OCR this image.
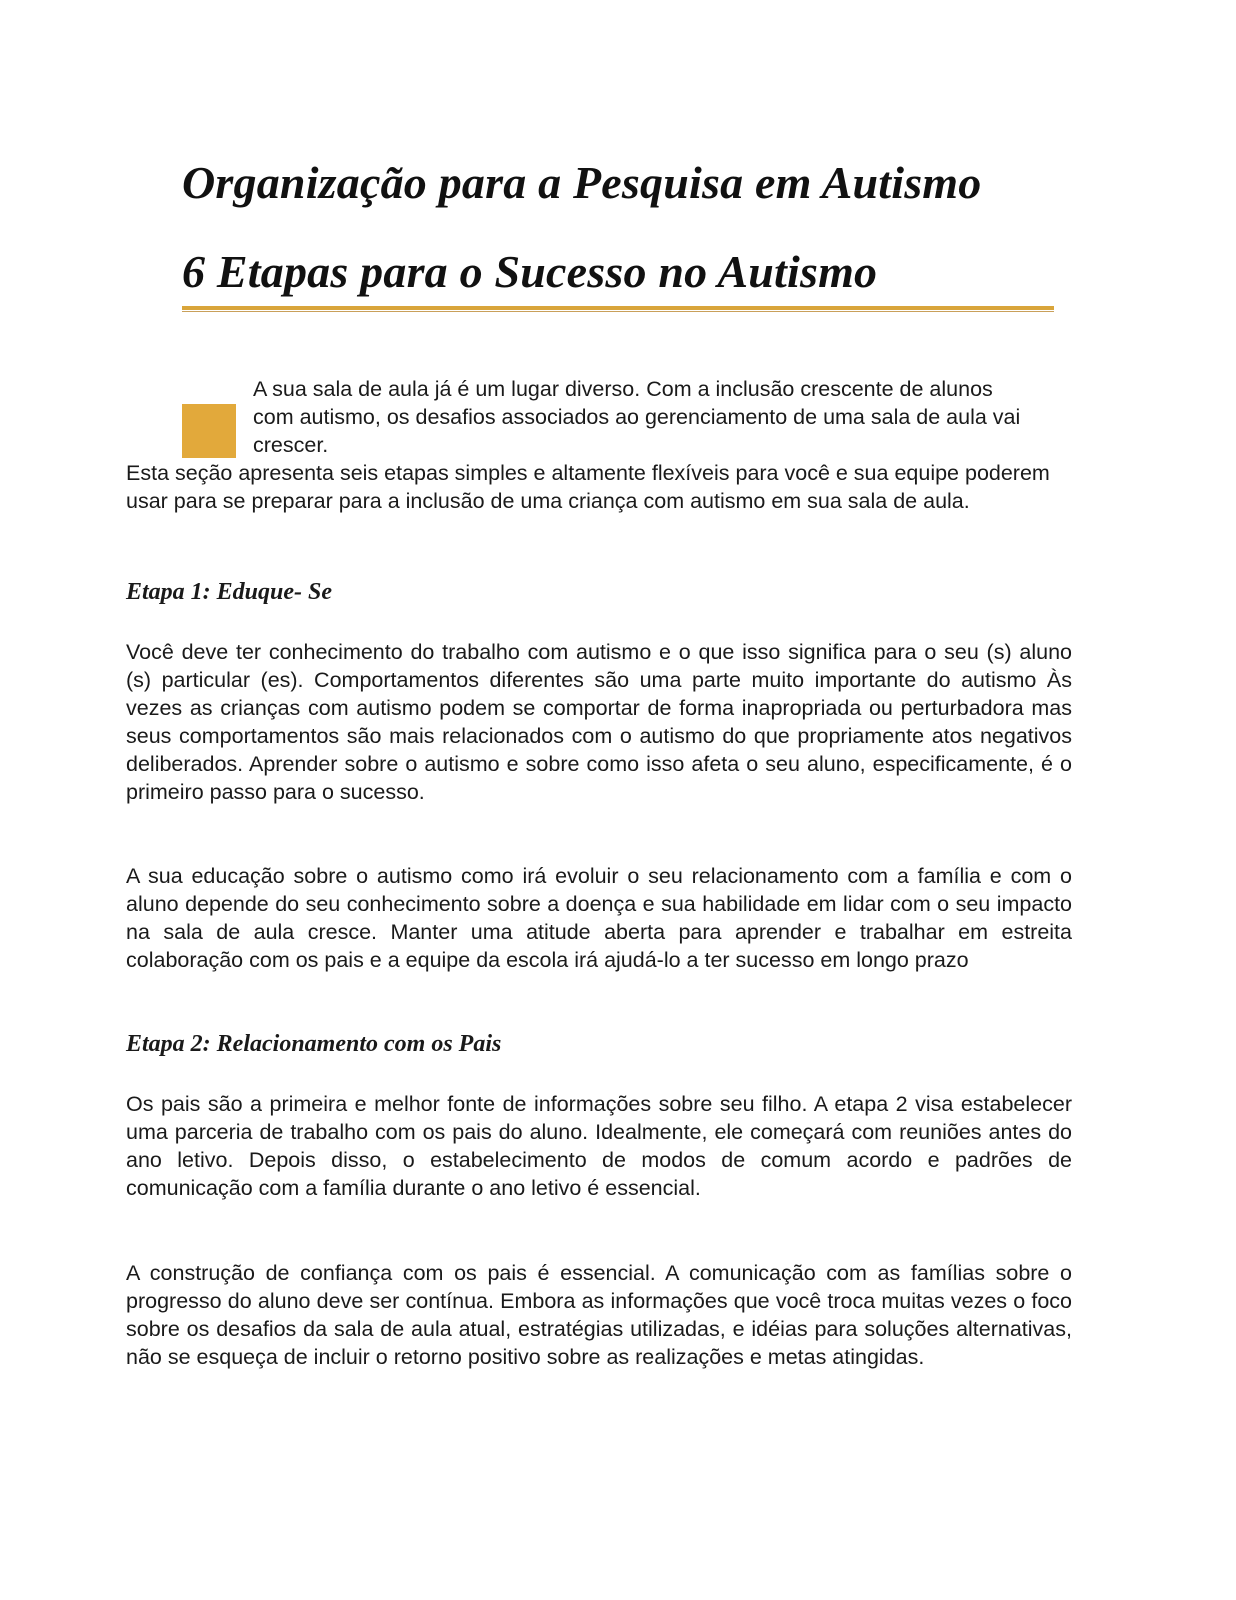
Organização para a Pesquisa em Autismo
6 Etapas para o Sucesso no Autismo

A sua sala de aula já é um lugar diverso. Com a inclusão crescente de alunos com autismo, os desafios associados ao gerenciamento de uma sala de aula vai crescer.

Esta seção apresenta seis etapas simples e altamente flexíveis para você e sua equipe poderem usar para se preparar para a inclusão de uma criança com autismo em sua sala de aula.

Etapa 1: Eduque- Se

Você deve ter conhecimento do trabalho com autismo e o que isso significa para o seu (s) aluno (s) particular (es). Comportamentos diferentes são uma parte muito importante do autismo Às vezes as crianças com autismo podem se comportar de forma inapropriada ou perturbadora mas seus comportamentos são mais relacionados com o autismo do que propriamente atos negativos deliberados. Aprender sobre o autismo e sobre como isso afeta o seu aluno, especificamente, é o primeiro passo para o sucesso.

A sua educação sobre o autismo como irá evoluir o seu relacionamento com a família e com o aluno depende do seu conhecimento sobre a doença e sua habilidade em lidar com o seu impacto na sala de aula cresce. Manter uma atitude aberta para aprender e trabalhar em estreita colaboração com os pais e a equipe da escola irá ajudá-lo a ter sucesso em longo prazo

Etapa 2: Relacionamento com os Pais

Os pais são a primeira e melhor fonte de informações sobre seu filho. A etapa 2 visa estabelecer uma parceria de trabalho com os pais do aluno. Idealmente, ele começará com reuniões antes do ano letivo. Depois disso, o estabelecimento de modos de comum acordo e padrões de comunicação com a família durante o ano letivo é essencial.

A construção de confiança com os pais é essencial. A comunicação com as famílias sobre o progresso do aluno deve ser contínua. Embora as informações que você troca muitas vezes o foco sobre os desafios da sala de aula atual, estratégias utilizadas, e idéias para soluções alternativas, não se esqueça de incluir o retorno positivo sobre as realizações e metas atingidas.
